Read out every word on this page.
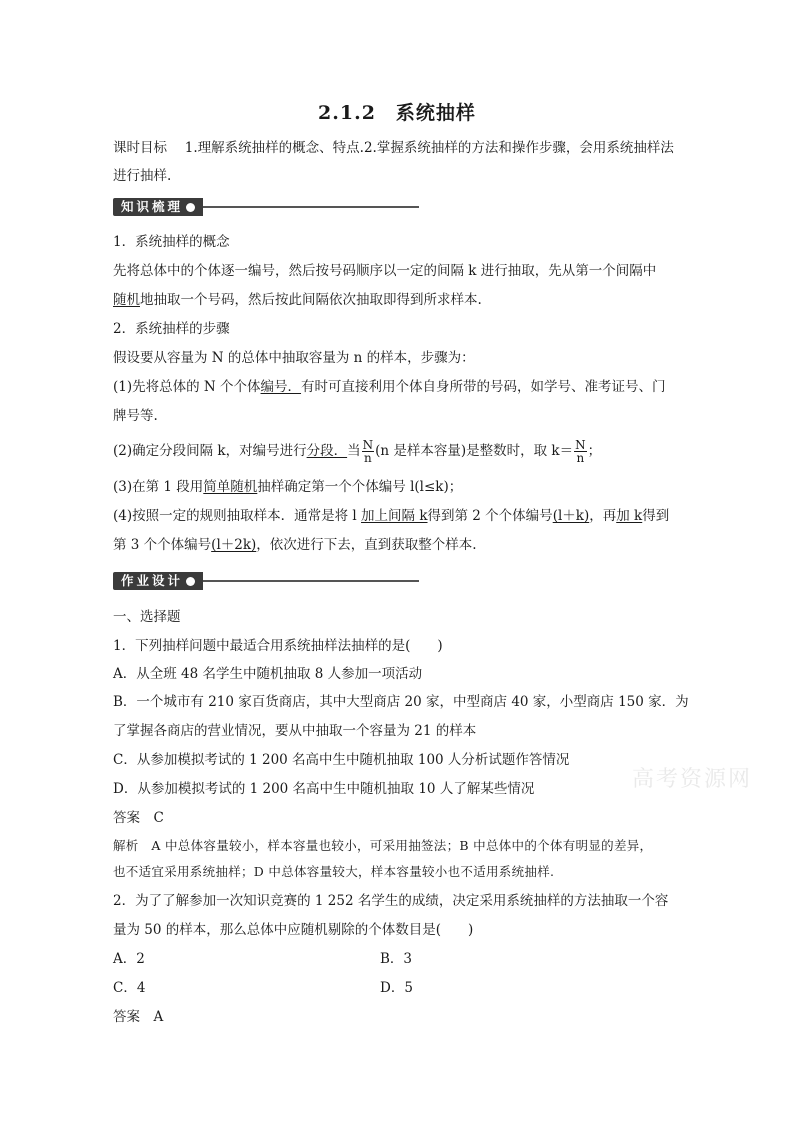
2.1.2　系统抽样
课时目标　 1.理解系统抽样的概念、特点.2.掌握系统抽样的方法和操作步骤，会用系统抽样法
进行抽样.
知识梳理
1．系统抽样的概念
先将总体中的个体逐一编号，然后按号码顺序以一定的间隔 k 进行抽取，先从第一个间隔中
随机地抽取一个号码，然后按此间隔依次抽取即得到所求样本.
2．系统抽样的步骤
假设要从容量为 N 的总体中抽取容量为 n 的样本，步骤为：
(1)先将总体的 N 个个体编号．有时可直接利用个体自身所带的号码，如学号、准考证号、门
牌号等.
(2)确定分段间隔 k，对编号进行分段．当 $\frac{N}{n} (n$ 是样本容量)是整数时，取 $k= \frac{N}{n}$ ；
(3)在第 1 段用简单随机抽样确定第一个个体编号 l(l≤k)；
(4)按照一定的规则抽取样本．通常是将 l 加上间隔 k得到第 2 个个体编号(l＋k)，再加 k得到
第 3 个个体编号(l＋2k)，依次进行下去，直到获取整个样本.
作业设计
一、选择题
1．下列抽样问题中最适合用系统抽样法抽样的是(　　)
A．从全班 48 名学生中随机抽取 8 人参加一项活动
B．一个城市有 210 家百货商店，其中大型商店 20 家，中型商店 40 家，小型商店 150 家．为
了掌握各商店的营业情况，要从中抽取一个容量为 21 的样本
C．从参加模拟考试的 1 200 名高中生中随机抽取 100 人分析试题作答情况
D．从参加模拟考试的 1 200 名高中生中随机抽取 10 人了解某些情况
答案　C
解析　A 中总体容量较小，样本容量也较小，可采用抽签法；B 中总体中的个体有明显的差异，
也不适宜采用系统抽样；D 中总体容量较大，样本容量较小也不适用系统抽样.
2．为了了解参加一次知识竞赛的 1 252 名学生的成绩，决定采用系统抽样的方法抽取一个容
量为 50 的样本，那么总体中应随机剔除的个体数目是(　　)
A．2	B．3
C．4	D．5
答案　A
高考资源网
